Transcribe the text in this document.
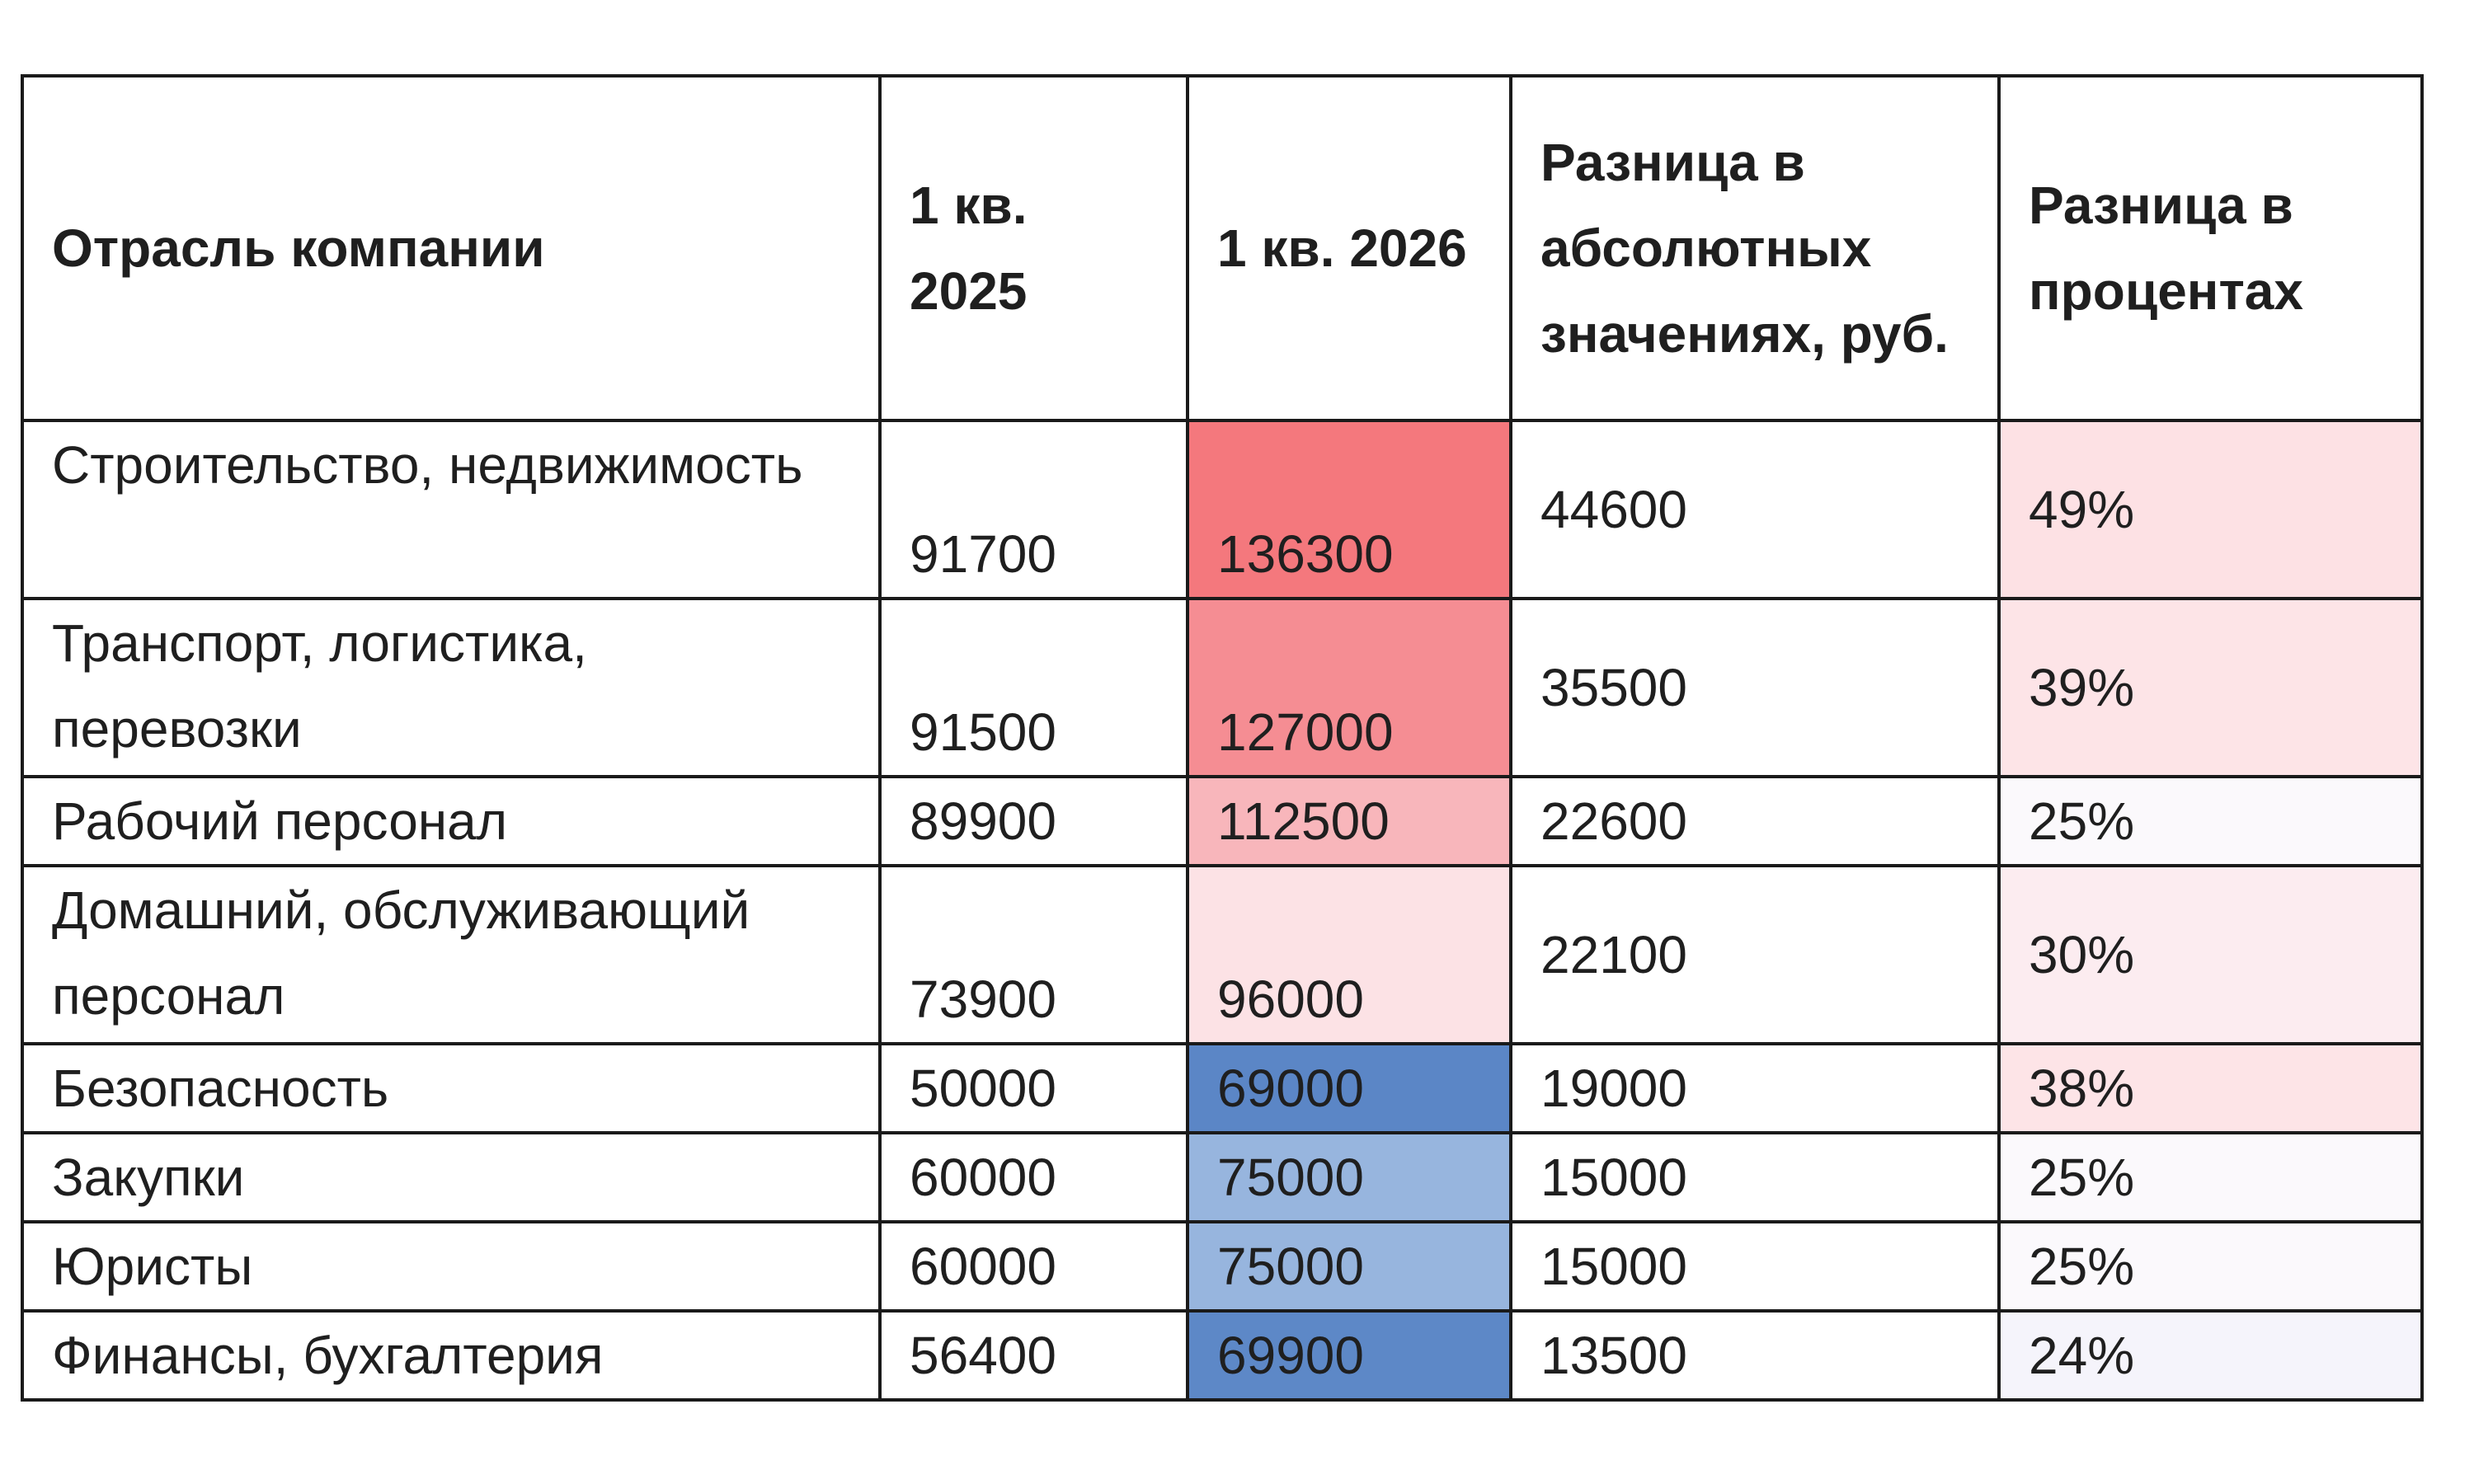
Отрасль компании	1 кв. 2025	1 кв. 2026	Разница в абсолютных значениях, руб.	Разница в процентах
Строительство, недвижимость	91700	136300	44600	49%
Транспорт, логистика, перевозки	91500	127000	35500	39%
Рабочий персонал	89900	112500	22600	25%
Домашний, обслуживающий персонал	73900	96000	22100	30%
Безопасность	50000	69000	19000	38%
Закупки	60000	75000	15000	25%
Юристы	60000	75000	15000	25%
Финансы, бухгалтерия	56400	69900	13500	24%
